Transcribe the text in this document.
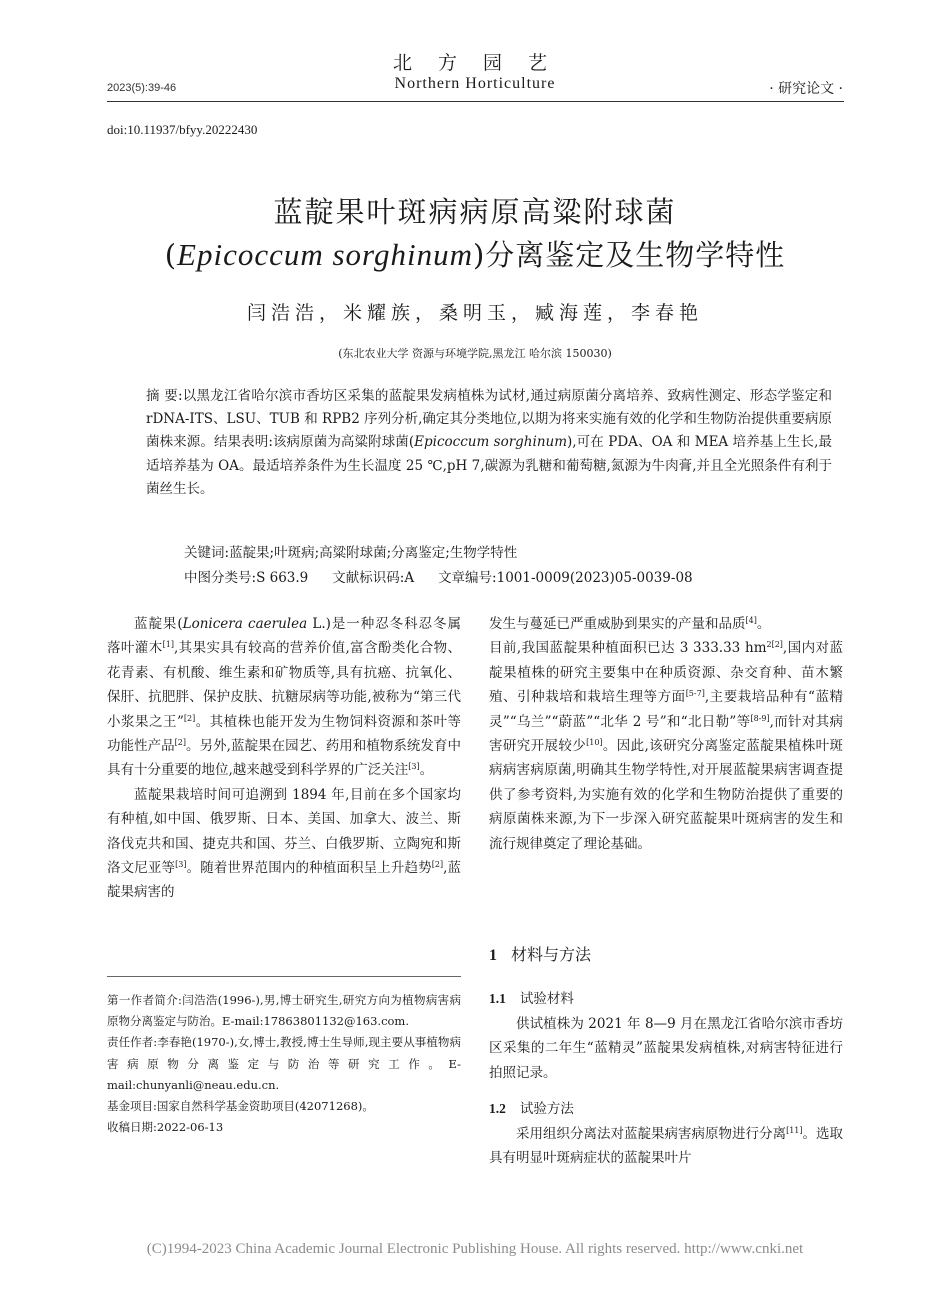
2023(5):39-46
北 方 园 艺
Northern Horticulture	· 研究论文 ·
doi:10.11937/bfyy.20222430
蓝靛果叶斑病病原高粱附球菌
(Epicoccum sorghinum)分离鉴定及生物学特性
闫浩浩，米耀族，桑明玉，臧海莲，李春艳
(东北农业大学 资源与环境学院,黑龙江 哈尔滨 150030)
摘 要:以黑龙江省哈尔滨市香坊区采集的蓝靛果发病植株为试材,通过病原菌分离培养、致病性测定、形态学鉴定和 rDNA-ITS、LSU、TUB 和 RPB2 序列分析,确定其分类地位,以期为将来实施有效的化学和生物防治提供重要病原菌株来源。结果表明:该病原菌为高粱附球菌(Epicoccum sorghinum),可在 PDA、OA 和 MEA 培养基上生长,最适培养基为 OA。最适培养条件为生长温度 25 ℃,pH 7,碳源为乳糖和葡萄糖,氮源为牛肉膏,并且全光照条件有利于菌丝生长。
关键词:蓝靛果;叶斑病;高粱附球菌;分离鉴定;生物学特性
中图分类号:S 663.9 文献标识码:A 文章编号:1001-0009(2023)05-0039-08

蓝靛果(Lonicera caerulea L.)是一种忍冬科忍冬属落叶灌木[1],其果实具有较高的营养价值,富含酚类化合物、花青素、有机酸、维生素和矿物质等,具有抗癌、抗氧化、保肝、抗肥胖、保护皮肤、抗糖尿病等功能,被称为“第三代小浆果之王”[2]。其植株也能开发为生物饲料资源和茶叶等功能性产品[2]。另外,蓝靛果在园艺、药用和植物系统发育中具有十分重要的地位,越来越受到科学界的广泛关注[3]。

蓝靛果栽培时间可追溯到 1894 年,目前在多个国家均有种植,如中国、俄罗斯、日本、美国、加拿大、波兰、斯洛伐克共和国、捷克共和国、芬兰、白俄罗斯、立陶宛和斯洛文尼亚等[3]。随着世界范围内的种植面积呈上升趋势[2],蓝靛果病害的

第一作者简介:闫浩浩(1996-),男,博士研究生,研究方向为植物病害病原物分离鉴定与防治。E-mail:17863801132@163.com.
责任作者:李春艳(1970-),女,博士,教授,博士生导师,现主要从事植物病害病原物分离鉴定与防治等研究工作。E-mail:chunyanli@neau.edu.cn.
基金项目:国家自然科学基金资助项目(42071268)。
收稿日期:2022-06-13

发生与蔓延已严重威胁到果实的产量和品质[4]。

目前,我国蓝靛果种植面积已达 3 333.33 $hm^{2[2]}$,国内对蓝靛果植株的研究主要集中在种质资源、杂交育种、苗木繁殖、引种栽培和栽培生理等方面[5-7],主要栽培品种有“蓝精灵”“乌兰”“蔚蓝”“北华 2 号”和“北日勒”等[8-9],而针对其病害研究开展较少[10]。因此,该研究分离鉴定蓝靛果植株叶斑病病害病原菌,明确其生物学特性,对开展蓝靛果病害调查提供了参考资料,为实施有效的化学和生物防治提供了重要的病原菌株来源,为下一步深入研究蓝靛果叶斑病害的发生和流行规律奠定了理论基础。

1 材料与方法
1.1 试验材料

供试植株为 2021 年 8—9 月在黑龙江省哈尔滨市香坊区采集的二年生“蓝精灵”蓝靛果发病植株,对病害特征进行拍照记录。

1.2 试验方法

采用组织分离法对蓝靛果病害病原物进行分离[11]。选取具有明显叶斑病症状的蓝靛果叶片

(C)1994-2023 China Academic Journal Electronic Publishing House. All rights reserved. http://www.cnki.net
